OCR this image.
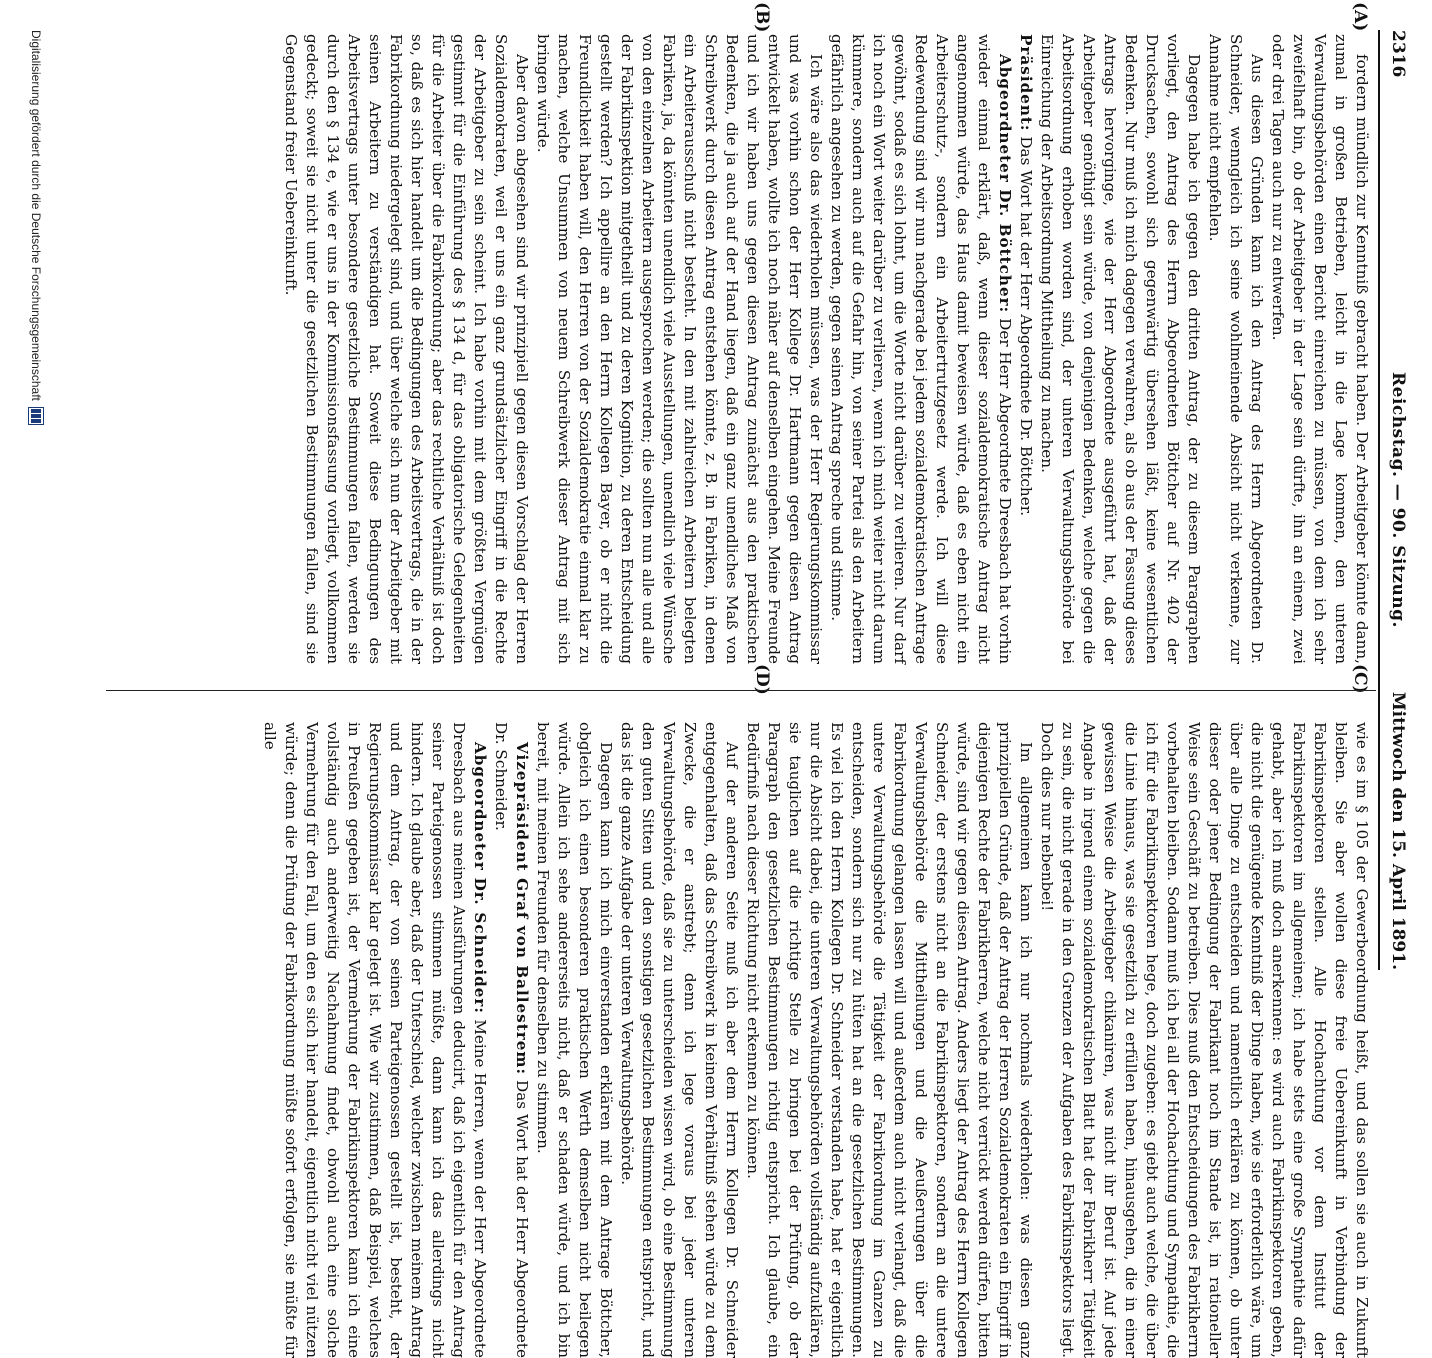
2316
Reichstag. — 90. Sitzung.
Mittwoch den 15. April 1891.
(A)
(B)
(C)
(D)

fordern mündlich zur Kenntniß gebracht haben. Der Arbeitgeber könnte dann, zumal in großen Betrieben, leicht in die Lage kommen, den unteren Verwaltungsbehörden einen Bericht einreichen zu müssen, von dem ich sehr zweifelhaft bin, ob der Arbeitgeber in der Lage sein dürfte, ihn an einem, zwei oder drei Tagen auch nur zu entwerfen.

Aus diesen Gründen kann ich den Antrag des Herrn Abgeordneten Dr. Schneider, wenngleich ich seine wohlmeinende Absicht nicht verkenne, zur Annahme nicht empfehlen.

Dagegen habe ich gegen den dritten Antrag, der zu diesem Paragraphen vorliegt, den Antrag des Herrn Abgeordneten Böttcher auf Nr. 402 der Drucksachen, sowohl sich gegenwärtig übersehen läßt, keine wesentlichen Bedenken. Nur muß ich mich dagegen verwahren, als ob aus der Fassung dieses Antrags hervorginge, wie der Herr Abgeordnete ausgeführt hat, daß der Arbeitgeber genöthigt sein würde, von denjenigen Bedenken, welche gegen die Arbeitsordnung erhoben worden sind, der unteren Verwaltungsbehörde bei Einreichung der Arbeitsordnung Mittheilung zu machen.

Präsident: Das Wort hat der Herr Abgeordnete Dr. Böttcher.

Abgeordneter Dr. Böttcher: Der Herr Abgeordnete Dreesbach hat vorhin wieder einmal erklärt, daß, wenn dieser sozialdemokratische Antrag nicht angenommen würde, das Haus damit beweisen würde, daß es eben nicht ein Arbeiterschutz-, sondern ein Arbeitertrutzgesetz werde. Ich will diese Redewendung sind wir nun nachgerade bei jedem sozialdemokratischen Antrage gewöhnt, sodaß es sich lohnt, um die Worte nicht darüber zu verlieren. Nur darf ich noch ein Wort weiter darüber zu verlieren, wenn ich mich weiter nicht darum kümmere, sondern auch auf die Gefahr hin, von seiner Partei als den Arbeitern gefährlich angesehen zu werden, gegen seinen Antrag spreche und stimme.

Ich wäre also das wiederholen müssen, was der Herr Regierungskommissar und was vorhin schon der Herr Kollege Dr. Hartmann gegen diesen Antrag entwickelt haben, wollte ich noch näher auf denselben eingehen. Meine Freunde und ich wir haben uns gegen diesen Antrag zunächst aus den praktischen Bedenken, die ja auch auf der Hand liegen, daß ein ganz unendliches Maß von Schreibwerk durch diesen Antrag entstehen könnte, z. B. in Fabriken, in denen ein Arbeiterausschuß nicht besteht. In den mit zahlreichen Arbeitern belegten Fabriken, ja, da könnten unendlich viele Ausstellungen, unendlich viele Wünsche von den einzelnen Arbeitern ausgesprochen werden; die sollten nun alle und alle der Fabrikinspektion mitgetheilt und zu deren Kognition, zu deren Entscheidung gestellt werden? Ich appellire an den Herrn Kollegen Bayer, ob er nicht die Freundlichkeit haben will, den Herren von der Sozialdemokratie einmal klar zu machen, welche Unsummen von neuem Schreibwerk dieser Antrag mit sich bringen würde.

Aber davon abgesehen sind wir prinzipiell gegen diesen Vorschlag der Herren Sozialdemokraten, weil er uns ein ganz grundsätzlicher Eingriff in die Rechte der Arbeitgeber zu sein scheint. Ich habe vorhin mit dem größten Vergnügen gestimmt für die Einführung des § 134 d, für das obligatorische Gelegenheiten für die Arbeiter über die Fabrikordnung; aber das rechtliche Verhältniß ist doch so, daß es sich hier handelt um die Bedingungen des Arbeitsvertrags, die in der Fabrikordnung niedergelegt sind, und über welche sich nun der Arbeitgeber mit seinen Arbeitern zu verständigen hat. Soweit diese Bedingungen des Arbeitsvertrags unter besondere gesetzliche Bestimmungen fallen, werden sie durch den § 134 e, wie er uns in der Kommissionsfassung vorliegt, vollkommen gedeckt; soweit sie nicht unter die gesetzlichen Bestimmungen fallen, sind sie Gegenstand freier Uebereinkunft.

wie es im § 105 der Gewerbeordnung heißt, und das sollen sie auch in Zukunft bleiben. Sie aber wollen diese freie Uebereinkunft in Verbindung der Fabrikinspektoren stellen. Alle Hochachtung vor dem Institut der Fabrikinspektoren im allgemeinen; ich habe stets eine große Sympathie dafür gehabt, aber ich muß doch anerkennen: es wird auch Fabrikinspektoren geben, die nicht die genügende Kenntniß der Dinge haben, wie sie erforderlich wäre, um über alle Dinge zu entscheiden und namentlich erklären zu können, ob unter dieser oder jener Bedingung der Fabrikant noch im Stande ist, in rationeller Weise sein Geschäft zu betreiben. Dies muß den Entscheidungen des Fabrikherrn vorbehalten bleiben. Sodann muß ich bei all der Hochachtung und Sympathie, die ich für die Fabrikinspektoren hege, doch zugeben: es giebt auch welche, die über die Linie hinaus, was sie gesetzlich zu erfüllen haben, hinausgehen, die in einer gewissen Weise die Arbeitgeber chikaniren, was nicht ihr Beruf ist. Auf jede Angabe in irgend einem sozialdemokratischen Blatt hat der Fabrikherr Tätigkeit zu sein, die nicht gerade in den Grenzen der Aufgaben des Fabrikinspektors liegt. Doch dies nur nebenbei!

Im allgemeinen kann ich nur nochmals wiederholen: was diesen ganz prinzipiellen Gründe, daß der Antrag der Herren Sozialdemokraten ein Eingriff in diejenigen Rechte der Fabrikherren, welche nicht verrückt werden dürfen, bitten würde, sind wir gegen diesen Antrag. Anders liegt der Antrag des Herrn Kollegen Schneider, der erstens nicht an die Fabrikinspektoren, sondern an die untere Verwaltungsbehörde die Mittheilungen und die Aeußerungen über die Fabrikordnung gelangen lassen will und außerdem auch nicht verlangt, daß die untere Verwaltungsbehörde die Tätigkeit der Fabrikordnung im Ganzen zu entscheiden, sondern sich nur zu hüten hat an die gesetzlichen Bestimmungen. Es viel ich den Herrn Kollegen Dr. Schneider verstanden habe, hat er eigentlich nur die Absicht dabei, die unteren Verwaltungsbehörden vollständig aufzuklären, sie tauglichen auf die richtige Stelle zu bringen bei der Prüfung, ob der Paragraph den gesetzlichen Bestimmungen richtig entspricht. Ich glaube, ein Bedürfniß nach dieser Richtung nicht erkennen zu können.

Auf der anderen Seite muß ich aber dem Herrn Kollegen Dr. Schneider entgegenhalten, daß das Schreibwerk in keinem Verhältniß stehen würde zu dem Zwecke, die er anstrebt; denn ich lege voraus bei jeder unteren Verwaltungsbehörde, daß sie zu unterscheiden wissen wird, ob eine Bestimmung den guten Sitten und den sonstigen gesetzlichen Bestimmungen entspricht, und das ist die ganze Aufgabe der unteren Verwaltungsbehörde.

Dagegen kann ich mich einverstanden erklären mit dem Antrage Böttcher, obgleich ich einen besonderen praktischen Werth demselben nicht beilegen würde. Allein ich sehe andererseits nicht, daß er schaden würde, und ich bin bereit, mit meinen Freunden für denselben zu stimmen.

Vizepräsident Graf von Ballestrem: Das Wort hat der Herr Abgeordnete Dr. Schneider.

Abgeordneter Dr. Schneider: Meine Herren, wenn der Herr Abgeordnete Dreesbach aus meinen Ausführungen deducirt, daß ich eigentlich für den Antrag seiner Parteigenossen stimmen müßte, dann kann ich das allerdings nicht hindern. Ich glaube aber, daß der Unterschied, welcher zwischen meinem Antrag und dem Antrag, der von seinen Parteigenossen gestellt ist, besteht, der Regierungskommissar klar gelegt ist. Wie wir zustimmen, daß Beispiel, welches in Preußen gegeben ist, der Vermehrung der Fabrikinspektoren kann ich eine vollständig auch anderweitig Nachahmung findet, obwohl auch eine solche Vermehrung für den Fall, um den es sich hier handelt, eigentlich nicht viel nützen würde; denn die Prüfung der Fabrikordnung müßte sofort erfolgen, sie müßte für alle

Digitalisierung gefördert durch die Deutsche Forschungsgemeinschaft
